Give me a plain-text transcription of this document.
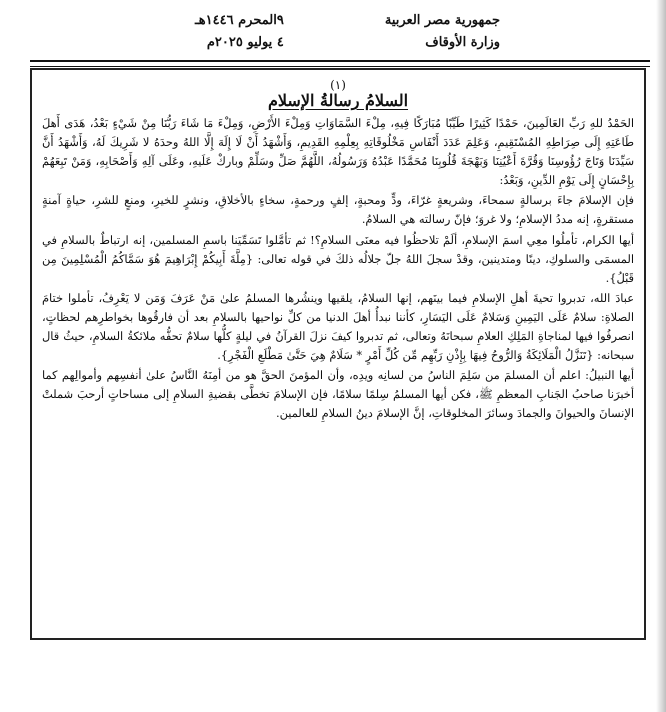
جمهورية مصر العربية
وزارة الأوقاف
٩المحرم ١٤٤٦هـ
٤ يوليو ٢٠٢٥م
(١)
السلامُ رسالةُ الإسلام

الحَمْدُ للهِ رَبِّ العَالَمِينَ، حَمْدًا كَثِيرًا طَيِّبًا مُبَارَكًا فِيهِ، مِلْءَ السَّمَاوَاتِ وَمِلْءَ الأَرْضِ، وَمِلْءَ مَا شَاءَ رَبُّنَا مِنْ شَيْءٍ بَعْدُ، هَدَى أَهلَ طَاعَتِهِ إِلَى صِرَاطِهِ المُسْتَقِيمِ، وَعَلِمَ عَدَدَ أَنْفَاسِ مَخْلُوقَاتِهِ بِعِلْمِهِ القَدِيمِ، وَأَشْهَدُ أَنْ لَا إِلَهَ إِلَّا اللهُ وحدَهُ لا شَرِيكَ لَهُ، وَأَشْهَدُ أَنَّ سَيِّدَنَا وَتَاجَ رُؤُوسِنَا وَقُرَّةَ أَعْيُنِنَا وَبَهْجَةَ قُلُوبِنَا مُحَمَّدًا عَبْدُهُ وَرَسُولُهُ، اللَّهُمَّ صَلِّ وسَلِّمْ وباركْ عَلَيهِ، وعَلَى آلِهِ وَأَصْحَابِهِ، وَمَنْ تَبِعَهُمْ بِإِحْسَانٍ إِلَى يَوْمِ الدِّينِ، وَبَعْدُ:

فإن الإسلامَ جاءَ برسالةٍ سمحاءَ، وشريعةٍ غرّاءَ، ودٍّ ومحبةٍ، إلفٍ ورحمةٍ، سخاءٍ بالأخلاقِ، ونشرٍ للخيرِ، ومنعٍ للشرِ، حياةٍ آمنةٍ مستقرةٍ، إنه مددُ الإسلامِ؛ ولا غروَ؛ فإنّ رسالته هي السلامُ.

أيها الكرام، تأملُوا معِي اسمَ الإسلامِ، ألَمْ تلاحظُوا فيه معنَى السلامِ؟! ثم تأمَّلوا تَسَمِّيَنا باسمِ المسلمين، إنه ارتباطٌ بالسلامِ في المسمَى والسلوكِ، دينًا ومتدينين، وقدْ سجلَ اللهُ جلّ جلالُه ذلكَ في قوله تعالى: {مِلَّةَ أَبِيكُمْ إِبْرَاهِيمَ هُوَ سَمَّاكُمُ الْمُسْلِمِينَ مِن قَبْلُ}.

عبادَ الله، تدبروا تحيةَ أهلِ الإسلامِ فيما بينَهم، إنها السلامُ، يلقيها وينشُرها المسلمُ علىٰ مَنْ عَرَفَ وَمَن لا يَعْرِفُ، تأملوا ختامَ الصلاةِ: سلامٌ عَلَى اليَمِينِ وَسَلامٌ عَلَى اليَسَارِ، كأننا نبدأُ أهلَ الدنيا من كلِّ نواحيها بالسلامِ بعد أن فارقُوها بخواطرِهم لحظاتٍ، انصرفُوا فيها لمناجاةِ المَلِكِ العلامِ سبحانَهُ وتعالى، ثم تدبروا كيفَ نزلَ القرآنُ في ليلةٍ كلُّها سلامٌ تحفُّه ملائكةُ السلامِ، حيثُ قال سبحانه: {تَنَزَّلُ الْمَلَائِكَةُ وَالرُّوحُ فِيهَا بِإِذْنِ رَبِّهِم مِّن كُلِّ أَمْرٍ * سَلَامٌ هِيَ حَتَّىٰ مَطْلَعِ الْفَجْرِ}.

أيها النبيلُ: اعلم أن المسلمَ من سَلِمَ الناسُ من لسانِه ويدِه، وأن المؤمنَ الحقَّ هو من أمِنَهُ النَّاسُ علىٰ أنفسِهم وأموالِهم كما أخبرَنا صاحبُ الجَنابِ المعظمِ ﷺ، فكن أيها المسلمُ سِلمًا سلامًا، فإن الإسلامَ تخطَّى بقضيةِ السلامِ إلى مساحاتٍ أرحبَ شملتْ الإنسانَ والحيوانَ والجمادَ وسائرَ المخلوقاتِ، إنَّ الإسلامَ دينُ السلامِ للعالمين.
